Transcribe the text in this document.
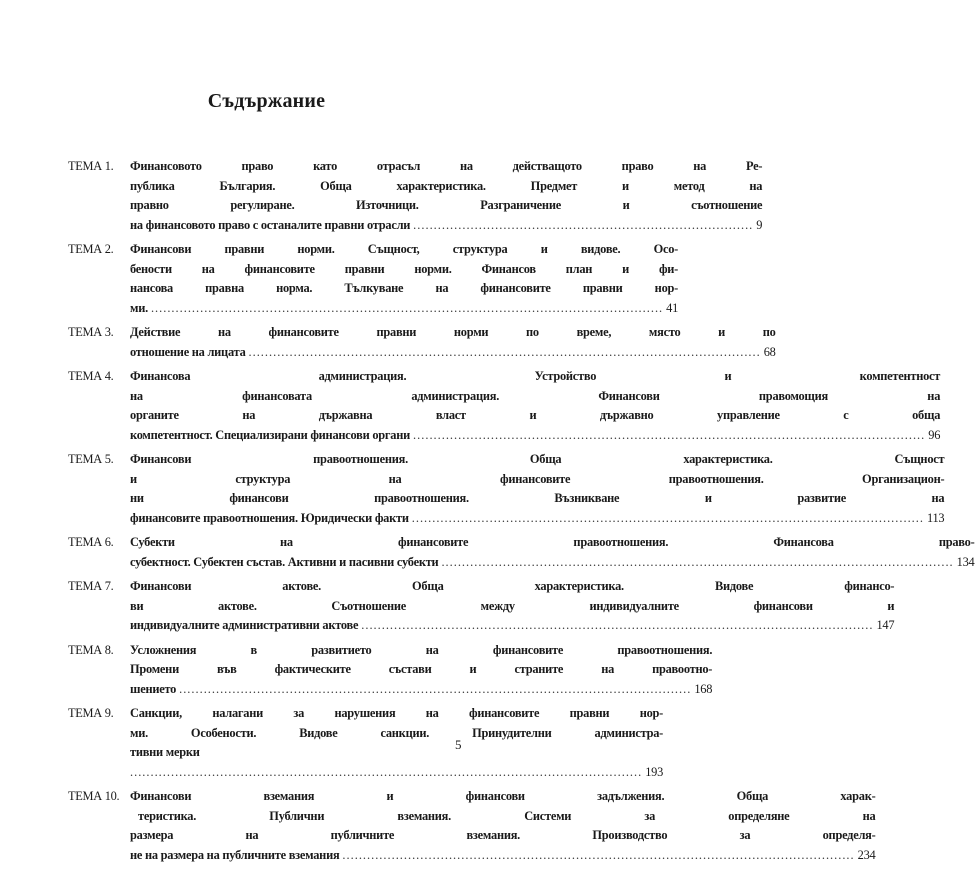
Съдържание
ТЕМА 1.	Финансовото право като отрасъл на действащото право на Ре-
публика България. Обща характеристика. Предмет и метод на
правно регулиране. Източници. Разграничение и съотношение
на финансовото право с останалите правни отрасли ................................................................................... 9
ТЕМА 2.	Финансови правни норми. Същност, структура и видове. Осо-
бености на финансовите правни норми. Финансов план и фи-
нансова правна норма. Тълкуване на финансовите правни нор-
ми. ............................................................................................................................. 41
ТЕМА 3.	Действие на финансовите правни норми по време, място и по
отношение на лицата ............................................................................................................................. 68
ТЕМА 4.	Финансова администрация. Устройство и компетентност
на финансовата администрация. Финансови правомощия на
органите на държавна власт и държавно управление с обща
компетентност. Специализирани финансови органи ............................................................................................................................. 96
ТЕМА 5.	Финансови правоотношения. Обща характеристика. Същност
и структура на финансовите правоотношения. Организацион-
ни финансови правоотношения. Възникване и развитие на
финансовите правоотношения. Юридически факти ............................................................................................................................. 113
ТЕМА 6.	Субекти на финансовите правоотношения. Финансова право-
субектност. Субектен състав. Активни и пасивни субекти ............................................................................................................................. 134
ТЕМА 7.	Финансови актове. Обща характеристика. Видове финансо-
ви актове. Съотношение между индивидуалните финансови и
индивидуалните административни актове ............................................................................................................................. 147
ТЕМА 8.	Усложнения в развитието на финансовите правоотношения.
Промени във фактическите състави и страните на правоотно-
шението ............................................................................................................................. 168
ТЕМА 9.	Санкции, налагани за нарушения на финансовите правни нор-
ми. Особености. Видове санкции. Принудителни администра-
тивни мерки
............................................................................................................................. 193
ТЕМА 10. Финансови вземания и финансови задължения. Обща харак-
теристика. Публични вземания. Системи за определяне на
размера на публичните вземания. Производство за определя-
не на размера на публичните вземания ............................................................................................................................. 234
5
